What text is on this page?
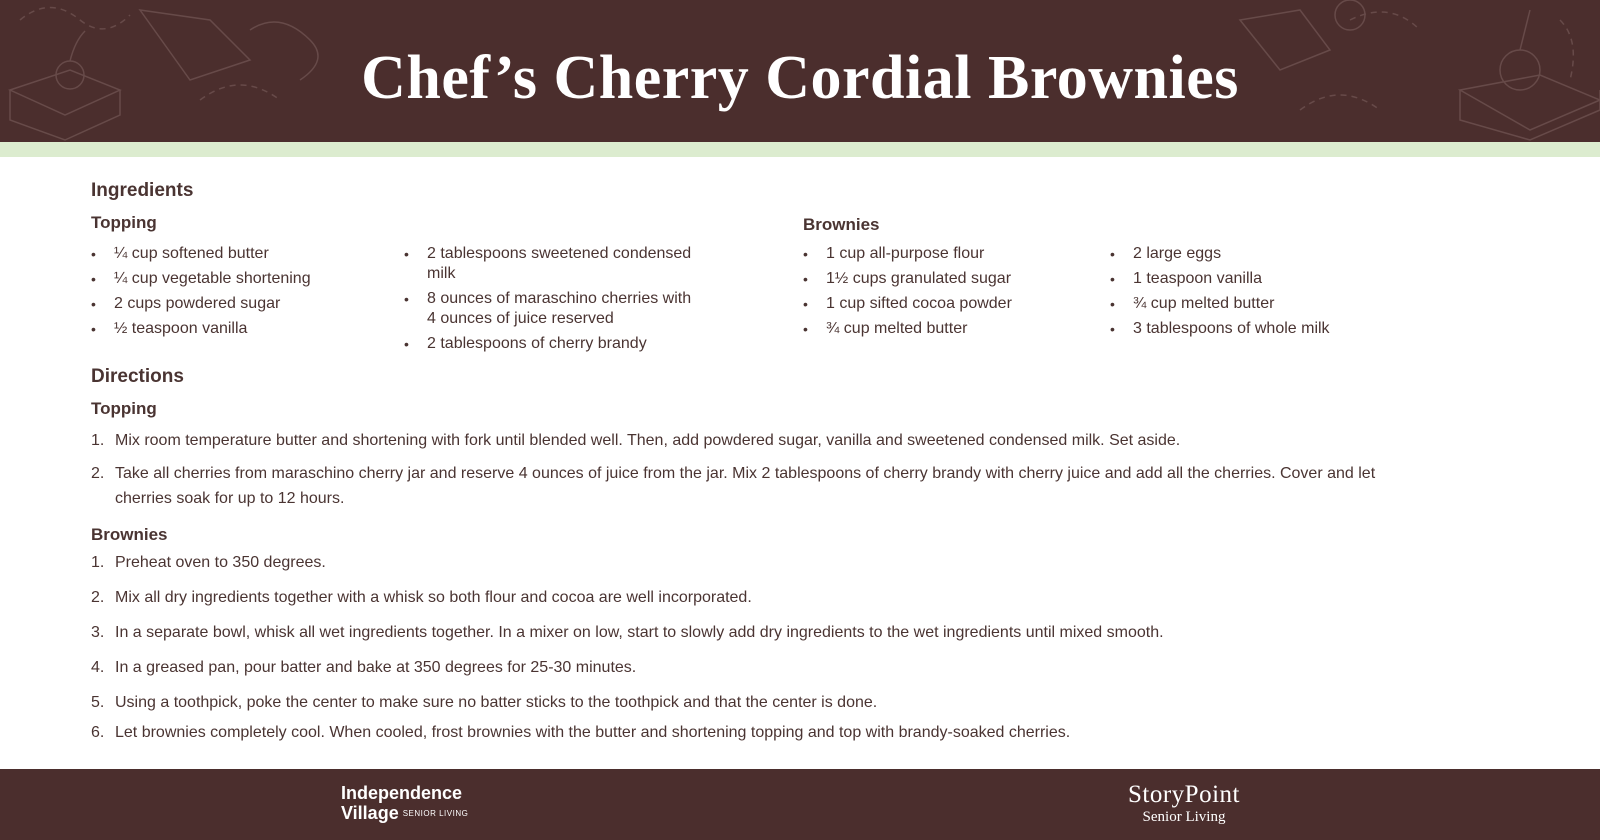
Chef’s Cherry Cordial Brownies
Ingredients
Topping	Brownies
• ¼ cup softened butter
• ¼ cup vegetable shortening
• 2 cups powdered sugar
• ½ teaspoon vanilla
• 2 tablespoons sweetened condensed milk
• 8 ounces of maraschino cherries with 4 ounces of juice reserved
• 2 tablespoons of cherry brandy
• 1 cup all-purpose flour
• 1½ cups granulated sugar
• 1 cup sifted cocoa powder
• ¾ cup melted butter
• 2 large eggs
• 1 teaspoon vanilla
• ¾ cup melted butter
• 3 tablespoons of whole milk
Directions
Topping
1. Mix room temperature butter and shortening with fork until blended well. Then, add powdered sugar, vanilla and sweetened condensed milk. Set aside.
2. Take all cherries from maraschino cherry jar and reserve 4 ounces of juice from the jar. Mix 2 tablespoons of cherry brandy with cherry juice and add all the cherries. Cover and let cherries soak for up to 12 hours.
Brownies
1. Preheat oven to 350 degrees.
2. Mix all dry ingredients together with a whisk so both flour and cocoa are well incorporated.
3. In a separate bowl, whisk all wet ingredients together. In a mixer on low, start to slowly add dry ingredients to the wet ingredients until mixed smooth.
4. In a greased pan, pour batter and bake at 350 degrees for 25-30 minutes.
5. Using a toothpick, poke the center to make sure no batter sticks to the toothpick and that the center is done.
6. Let brownies completely cool. When cooled, frost brownies with the butter and shortening topping and top with brandy-soaked cherries.
Independence
Village SENIOR LIVING
StoryPoint
Senior Living
